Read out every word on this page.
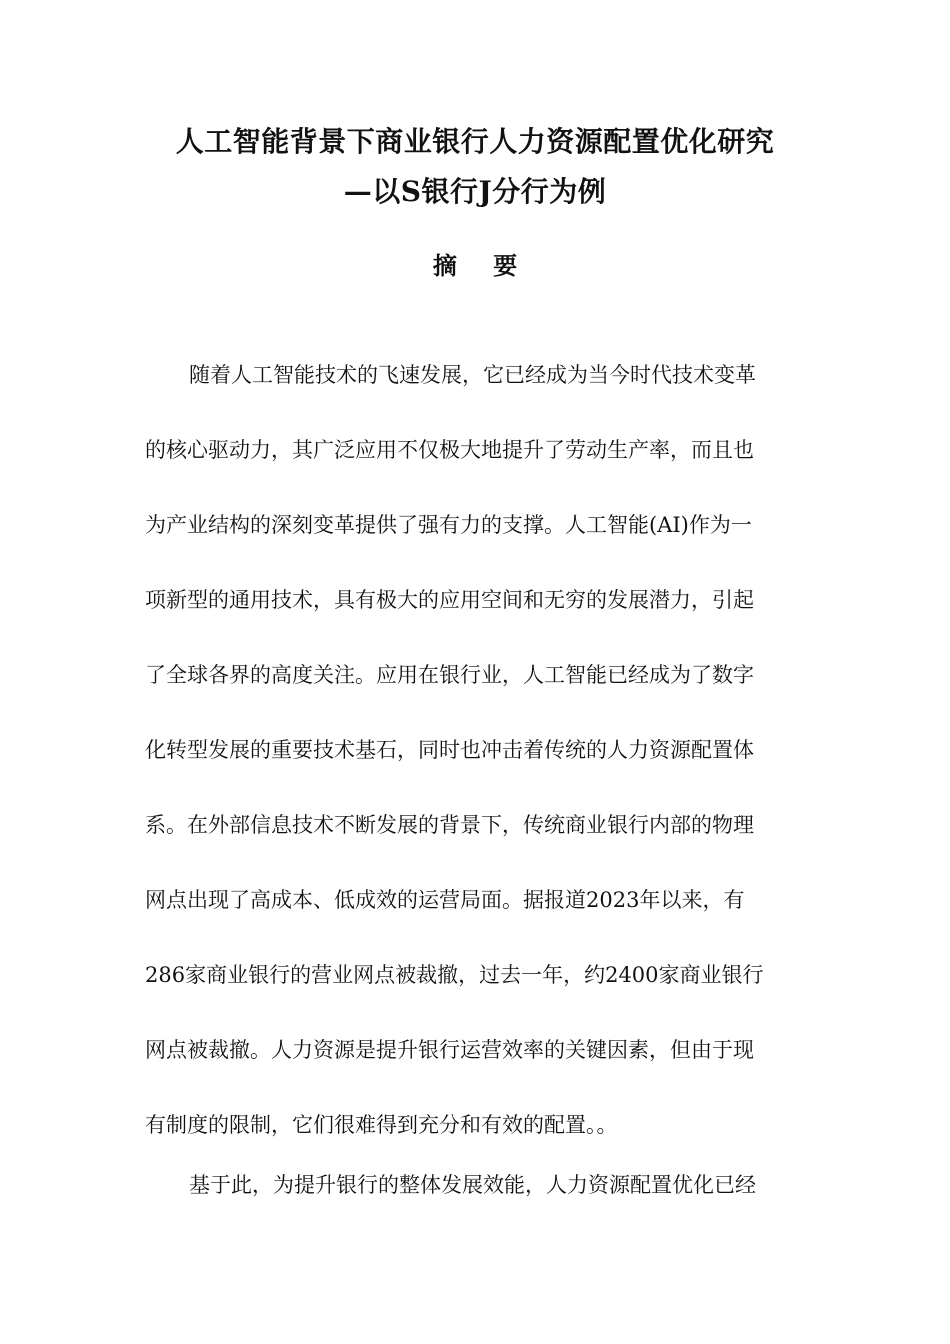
人工智能背景下商业银行人力资源配置优化研究
—以S银行J分行为例
摘 要
随着人工智能技术的飞速发展，它已经成为当今时代技术变革
的核心驱动力，其广泛应用不仅极大地提升了劳动生产率，而且也
为产业结构的深刻变革提供了强有力的支撑。人工智能(AI)作为一
项新型的通用技术，具有极大的应用空间和无穷的发展潜力，引起
了全球各界的高度关注。应用在银行业，人工智能已经成为了数字
化转型发展的重要技术基石，同时也冲击着传统的人力资源配置体
系。在外部信息技术不断发展的背景下，传统商业银行内部的物理
网点出现了高成本、低成效的运营局面。据报道2023年以来，有
286家商业银行的营业网点被裁撤，过去一年，约2400家商业银行
网点被裁撤。人力资源是提升银行运营效率的关键因素，但由于现
有制度的限制，它们很难得到充分和有效的配置。。
基于此，为提升银行的整体发展效能，人力资源配置优化已经
